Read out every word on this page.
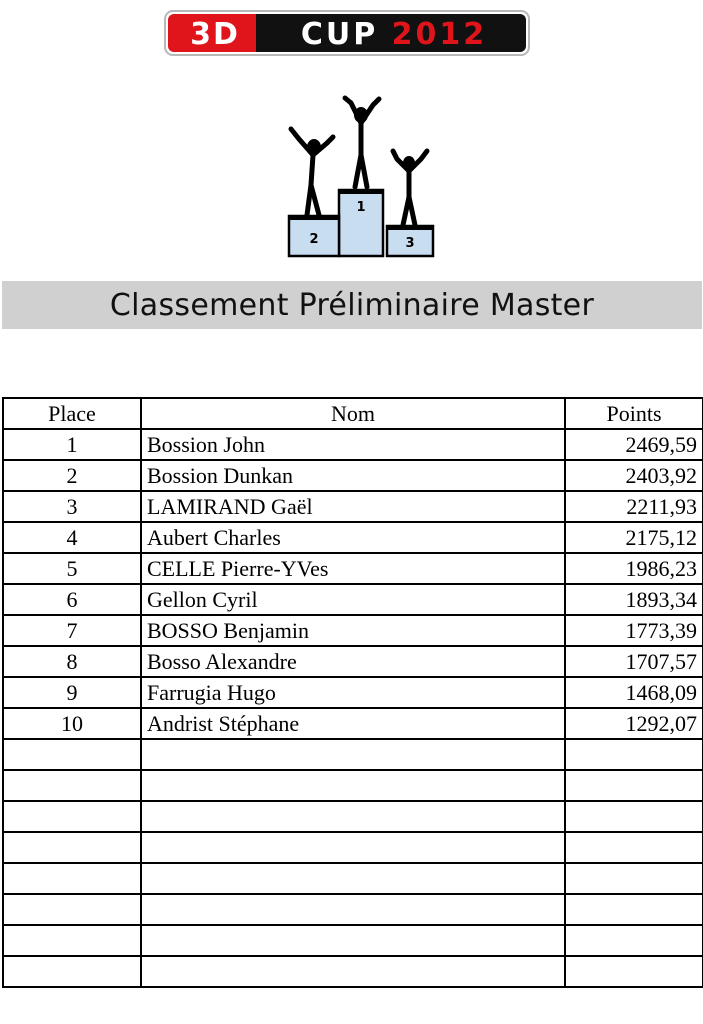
3D CUP 2012
2
1
3
Classement Préliminaire Master
Place	Nom	Points
1	Bossion John	2469,59
2	Bossion Dunkan	2403,92
3	LAMIRAND Gaël	2211,93
4	Aubert Charles	2175,12
5	CELLE Pierre-YVes	1986,23
6	Gellon Cyril	1893,34
7	BOSSO Benjamin	1773,39
8	Bosso Alexandre	1707,57
9	Farrugia Hugo	1468,09
10	Andrist Stéphane	1292,07
